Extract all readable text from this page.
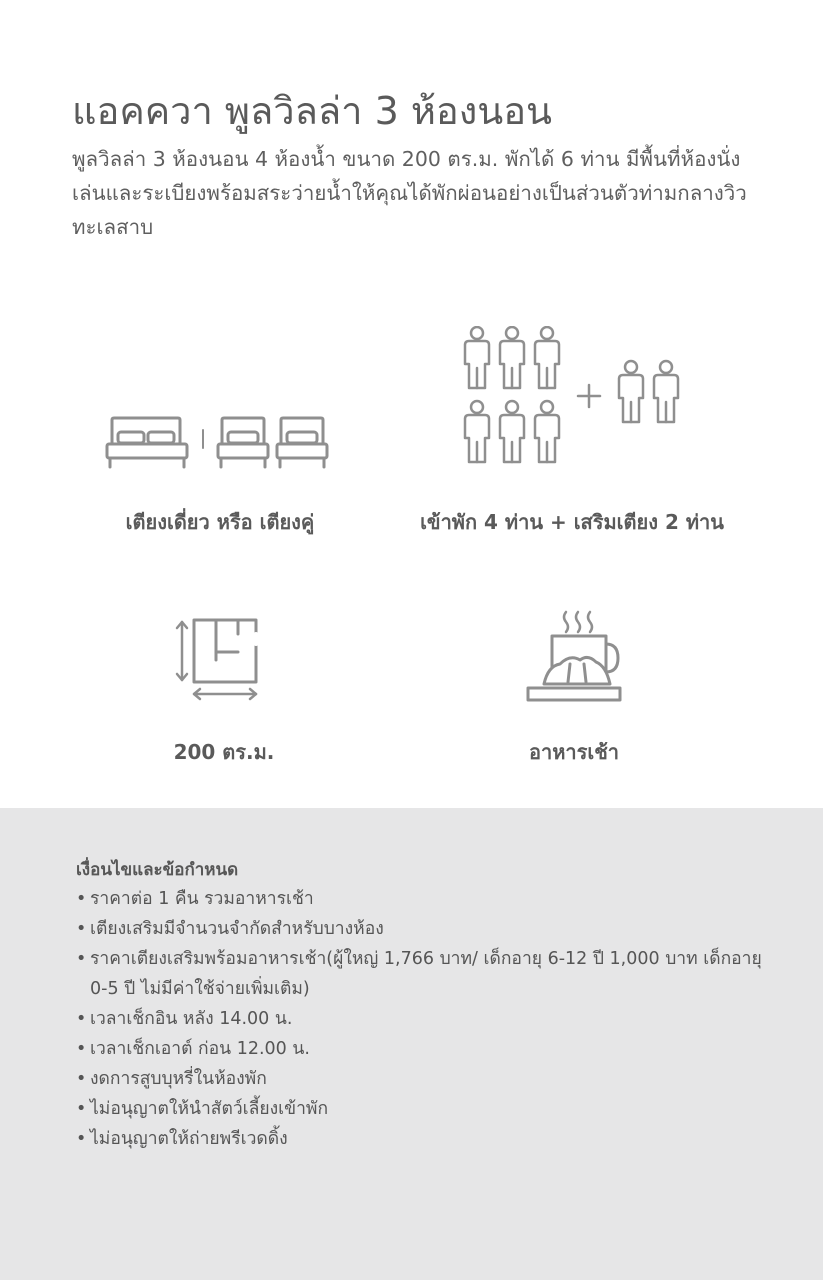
แอคควา พูลวิลล่า 3 ห้องนอน

พูลวิลล่า 3 ห้องนอน 4 ห้องน้ำ ขนาด 200 ตร.ม. พักได้ 6 ท่าน มีพื้นที่ห้องนั่งเล่นและระเบียงพร้อมสระว่ายน้ำให้คุณได้พักผ่อนอย่างเป็นส่วนตัวท่ามกลางวิวทะเลสาบ

เตียงเดี่ยว หรือ เตียงคู่	เข้าพัก 4 ท่าน + เสริมเตียง 2 ท่าน
200 ตร.ม.	อาหารเช้า
เงื่อนไขและข้อกำหนด
• ราคาต่อ 1 คืน รวมอาหารเช้า
• เตียงเสริมมีจำนวนจำกัดสำหรับบางห้อง
• ราคาเตียงเสริมพร้อมอาหารเช้า(ผู้ใหญ่ 1,766 บาท/ เด็กอายุ 6-12 ปี 1,000 บาท เด็กอายุ 0-5 ปี ไม่มีค่าใช้จ่ายเพิ่มเติม)
• เวลาเช็กอิน หลัง 14.00 น.
• เวลาเช็กเอาต์ ก่อน 12.00 น.
• งดการสูบบุหรี่ในห้องพัก
• ไม่อนุญาตให้นำสัตว์เลี้ยงเข้าพัก
• ไม่อนุญาตให้ถ่ายพรีเวดดิ้ง
